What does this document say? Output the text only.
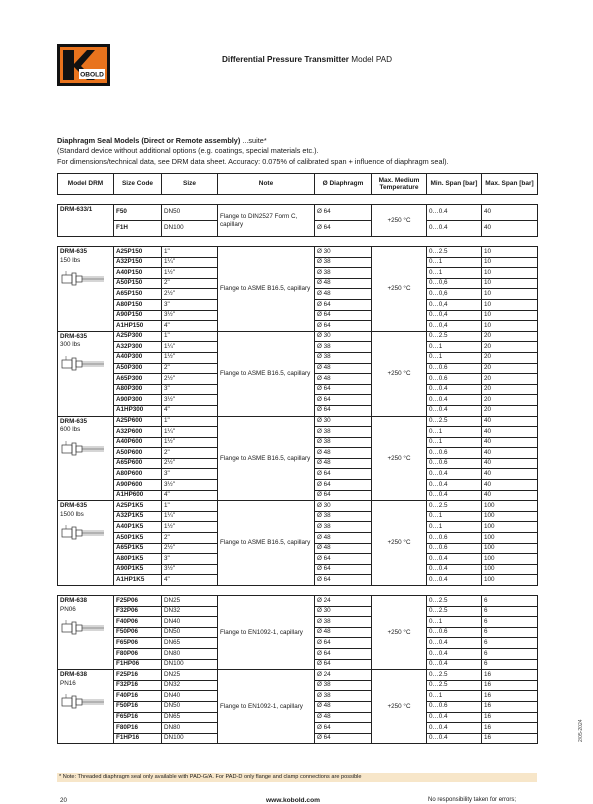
OBOLD
Differential Pressure Transmitter Model PAD
Diaphragm Seal Models (Direct or Remote assembly) ...suite*
(Standard device without additional options (e.g. coatings, special materials etc.).
For dimensions/technical data, see DRM data sheet. Accuracy: 0.075% of calibrated span + influence of diaphragm seal).
Model DRM	Size Code	Size	Note	Ø Diaphragm	Max. Medium Temperature	Min. Span [bar]	Max. Span [bar]

DRM-633/1	F50	DN50	Flange to DIN2527 Form C, capillary	Ø 64	+250 °C	0…0.4	40
	F1H	DN100		Ø 64		0…0.4	40

DRM-635
150 lbs	A25P150	1"	Flange to ASME B16.5, capillary	Ø 30	+250 °C	0…2.5	10
	A32P150	1¼"		Ø 38		0…1	10
	A40P150	1½"		Ø 38		0…1	10
	A50P150	2"		Ø 48		0…0,6	10
	A65P150	2½"		Ø 48		0…0,6	10
	A80P150	3"		Ø 64		0…0,4	10
	A90P150	3½"		Ø 64		0…0,4	10
	A1HP150	4"		Ø 64		0…0,4	10

DRM-635
300 lbs	A25P300	1"	Flange to ASME B16.5, capillary	Ø 30	+250 °C	0…2.5	20
	A32P300	1¼"		Ø 38		0…1	20
	A40P300	1½"		Ø 38		0…1	20
	A50P300	2"		Ø 48		0…0.6	20
	A65P300	2½"		Ø 48		0…0.6	20
	A80P300	3"		Ø 64		0…0.4	20
	A90P300	3½"		Ø 64		0…0.4	20
	A1HP300	4"		Ø 64		0…0.4	20

DRM-635
600 lbs	A25P600	1"	Flange to ASME B16.5, capillary	Ø 30	+250 °C	0…2.5	40
	A32P600	1¼"		Ø 38		0…1	40
	A40P600	1½"		Ø 38		0…1	40
	A50P600	2"		Ø 48		0…0.6	40
	A65P600	2½"		Ø 48		0…0.6	40
	A80P600	3"		Ø 64		0…0.4	40
	A90P600	3½"		Ø 64		0…0.4	40
	A1HP600	4"		Ø 64		0…0.4	40

DRM-635
1500 lbs	A25P1K5	1"	Flange to ASME B16.5, capillary	Ø 30	+250 °C	0…2.5	100
	A32P1K5	1¼"		Ø 38		0…1	100
	A40P1K5	1½"		Ø 38		0…1	100
	A50P1K5	2"		Ø 48		0…0.6	100
	A65P1K5	2½"		Ø 48		0…0.6	100
	A80P1K5	3"		Ø 64		0…0.4	100
	A90P1K5	3½"		Ø 64		0…0.4	100
	A1HP1K5	4"		Ø 64		0…0.4	100

DRM-638
PN06	F25P06	DN25	Flange to EN1092-1, capillary	Ø 24	+250 °C	0…2.5	6
	F32P06	DN32		Ø 30		0…2.5	6
	F40P06	DN40		Ø 38		0…1	6
	F50P06	DN50		Ø 48		0…0.6	6
	F65P06	DN65		Ø 64		0…0.4	6
	F80P06	DN80		Ø 64		0…0.4	6
	F1HP06	DN100		Ø 64		0…0.4	6

DRM-638
PN16	F25P16	DN25	Flange to EN1092-1, capillary	Ø 24	+250 °C	0…2.5	16
	F32P16	DN32		Ø 38		0…2.5	16
	F40P16	DN40		Ø 38		0…1	16
	F50P16	DN50		Ø 48		0…0.6	16
	F65P16	DN65		Ø 48		0…0.4	16
	F80P16	DN80		Ø 64		0…0.4	16
	F1HP16	DN100		Ø 64		0…0.4	16
* Note: Threaded diaphragm seal only available with PAD-G/A. For PAD-D only flange and clamp connections are possible
20	www.kobold.com	No responsibility taken for errors;
2/05-2024
